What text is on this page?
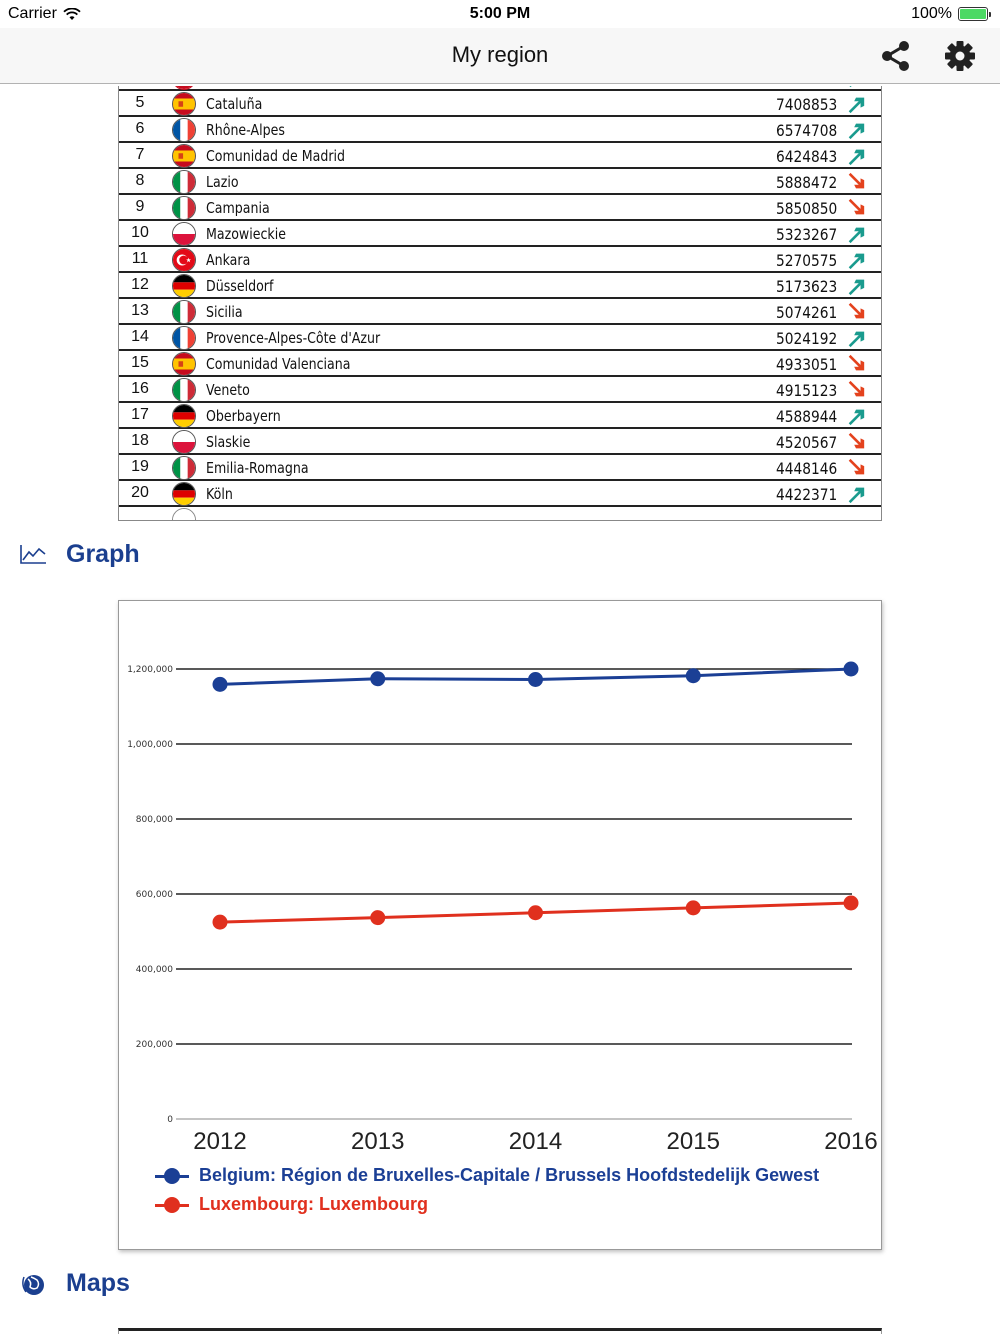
Carrier	5:00 PM	100%
My region
5	Cataluña	7408853
6	Rhône-Alpes	6574708
7	Comunidad de Madrid	6424843
8	Lazio	5888472
9	Campania	5850850
10	Mazowieckie	5323267
11	Ankara	5270575
12	Düsseldorf	5173623
13	Sicilia	5074261
14	Provence-Alpes-Côte d'Azur	5024192
15	Comunidad Valenciana	4933051
16	Veneto	4915123
17	Oberbayern	4588944
18	Slaskie	4520567
19	Emilia-Romagna	4448146
20	Köln	4422371
Graph
0
200,000
400,000
600,000
800,000
1,000,000
1,200,000
2012	2013	2014	2015	2016
Belgium: Région de Bruxelles-Capitale / Brussels Hoofdstedelijk Gewest
Luxembourg: Luxembourg
Maps
